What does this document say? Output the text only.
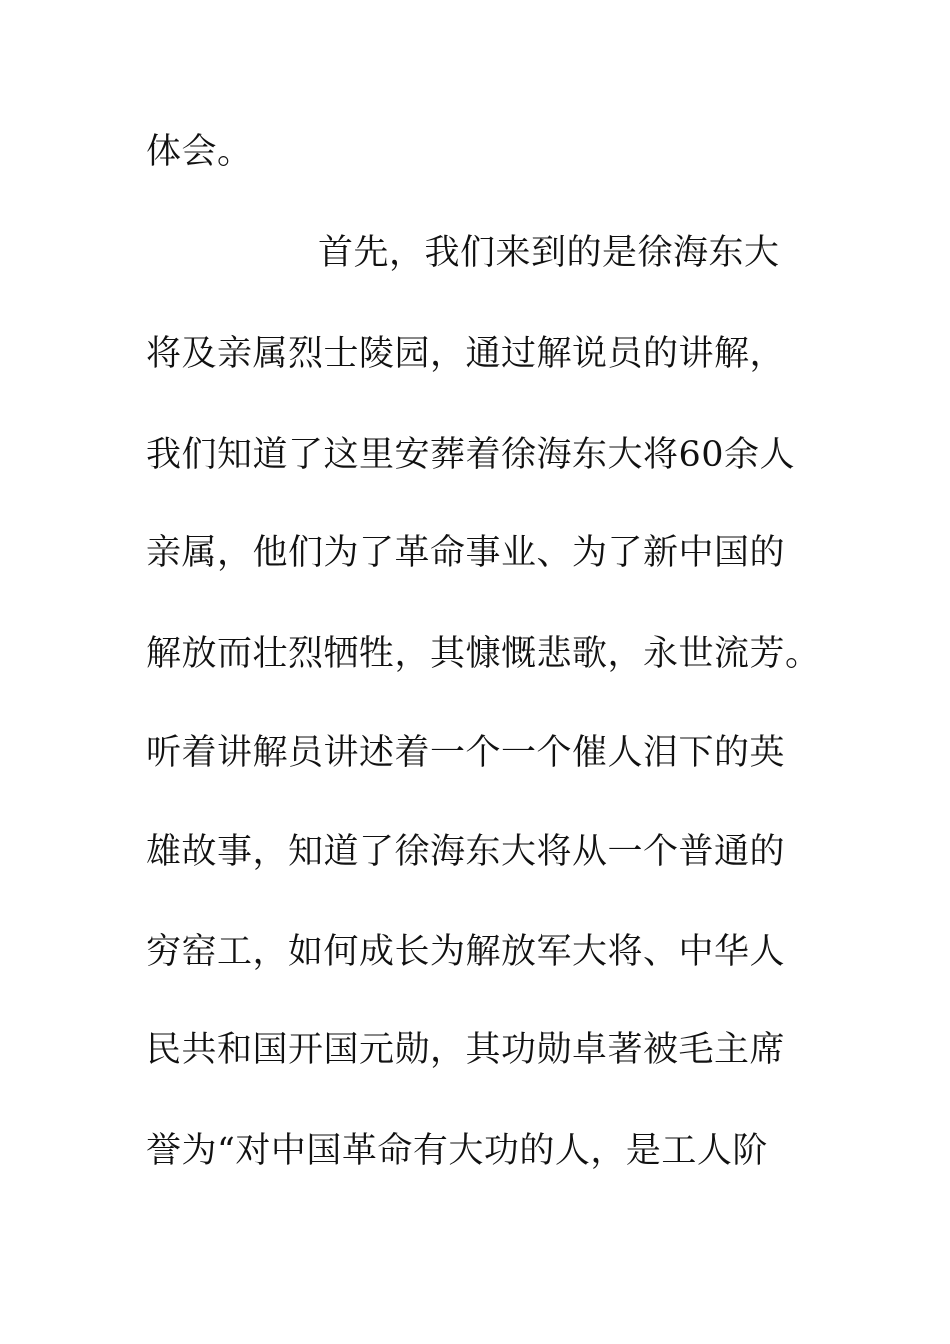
体会。
首先，我们来到的是徐海东大
将及亲属烈士陵园，通过解说员的讲解，
我们知道了这里安葬着徐海东大将60余人
亲属，他们为了革命事业、为了新中国的
解放而壮烈牺牲，其慷慨悲歌，永世流芳。
听着讲解员讲述着一个一个催人泪下的英
雄故事，知道了徐海东大将从一个普通的
穷窑工，如何成长为解放军大将、中华人
民共和国开国元勋，其功勋卓著被毛主席
誉为“对中国革命有大功的人，是工人阶
